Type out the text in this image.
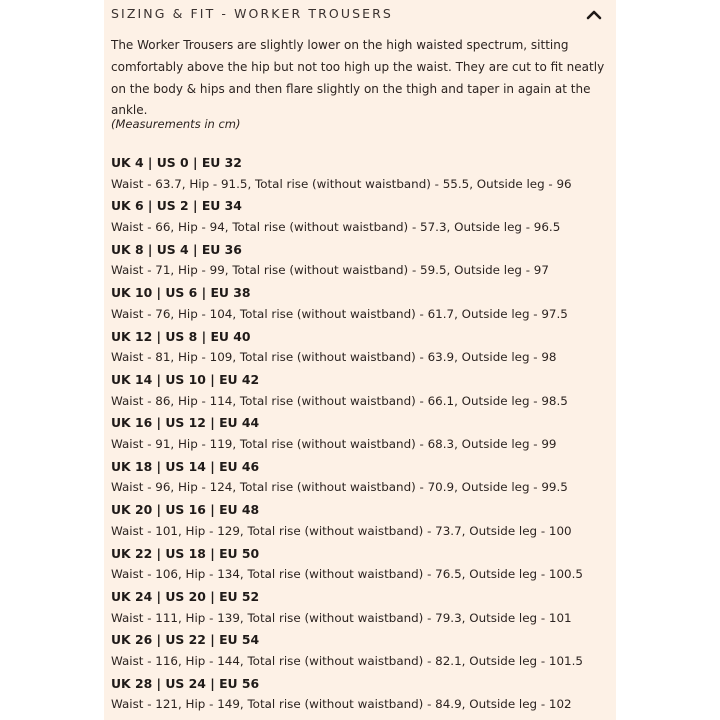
SIZING & FIT - WORKER TROUSERS
The Worker Trousers are slightly lower on the high waisted spectrum, sitting comfortably above the hip but not too high up the waist. They are cut to fit neatly on the body & hips and then flare slightly on the thigh and taper in again at the ankle.
(Measurements in cm)
UK 4 | US 0 | EU 32
Waist - 63.7, Hip - 91.5, Total rise (without waistband) - 55.5, Outside leg - 96
UK 6 | US 2 | EU 34
Waist - 66, Hip - 94, Total rise (without waistband) - 57.3, Outside leg - 96.5
UK 8 | US 4 | EU 36
Waist - 71, Hip - 99, Total rise (without waistband) - 59.5, Outside leg - 97
UK 10 | US 6 | EU 38
Waist - 76, Hip - 104, Total rise (without waistband) - 61.7, Outside leg - 97.5
UK 12 | US 8 | EU 40
Waist - 81, Hip - 109, Total rise (without waistband) - 63.9, Outside leg - 98
UK 14 | US 10 | EU 42
Waist - 86, Hip - 114, Total rise (without waistband) - 66.1, Outside leg - 98.5
UK 16 | US 12 | EU 44
Waist - 91, Hip - 119, Total rise (without waistband) - 68.3, Outside leg - 99
UK 18 | US 14 | EU 46
Waist - 96, Hip - 124, Total rise (without waistband) - 70.9, Outside leg - 99.5
UK 20 | US 16 | EU 48
Waist - 101, Hip - 129, Total rise (without waistband) - 73.7, Outside leg - 100
UK 22 | US 18 | EU 50
Waist - 106, Hip - 134, Total rise (without waistband) - 76.5, Outside leg - 100.5
UK 24 | US 20 | EU 52
Waist - 111, Hip - 139, Total rise (without waistband) - 79.3, Outside leg - 101
UK 26 | US 22 | EU 54
Waist - 116, Hip - 144, Total rise (without waistband) - 82.1, Outside leg - 101.5
UK 28 | US 24 | EU 56
Waist - 121, Hip - 149, Total rise (without waistband) - 84.9, Outside leg - 102
